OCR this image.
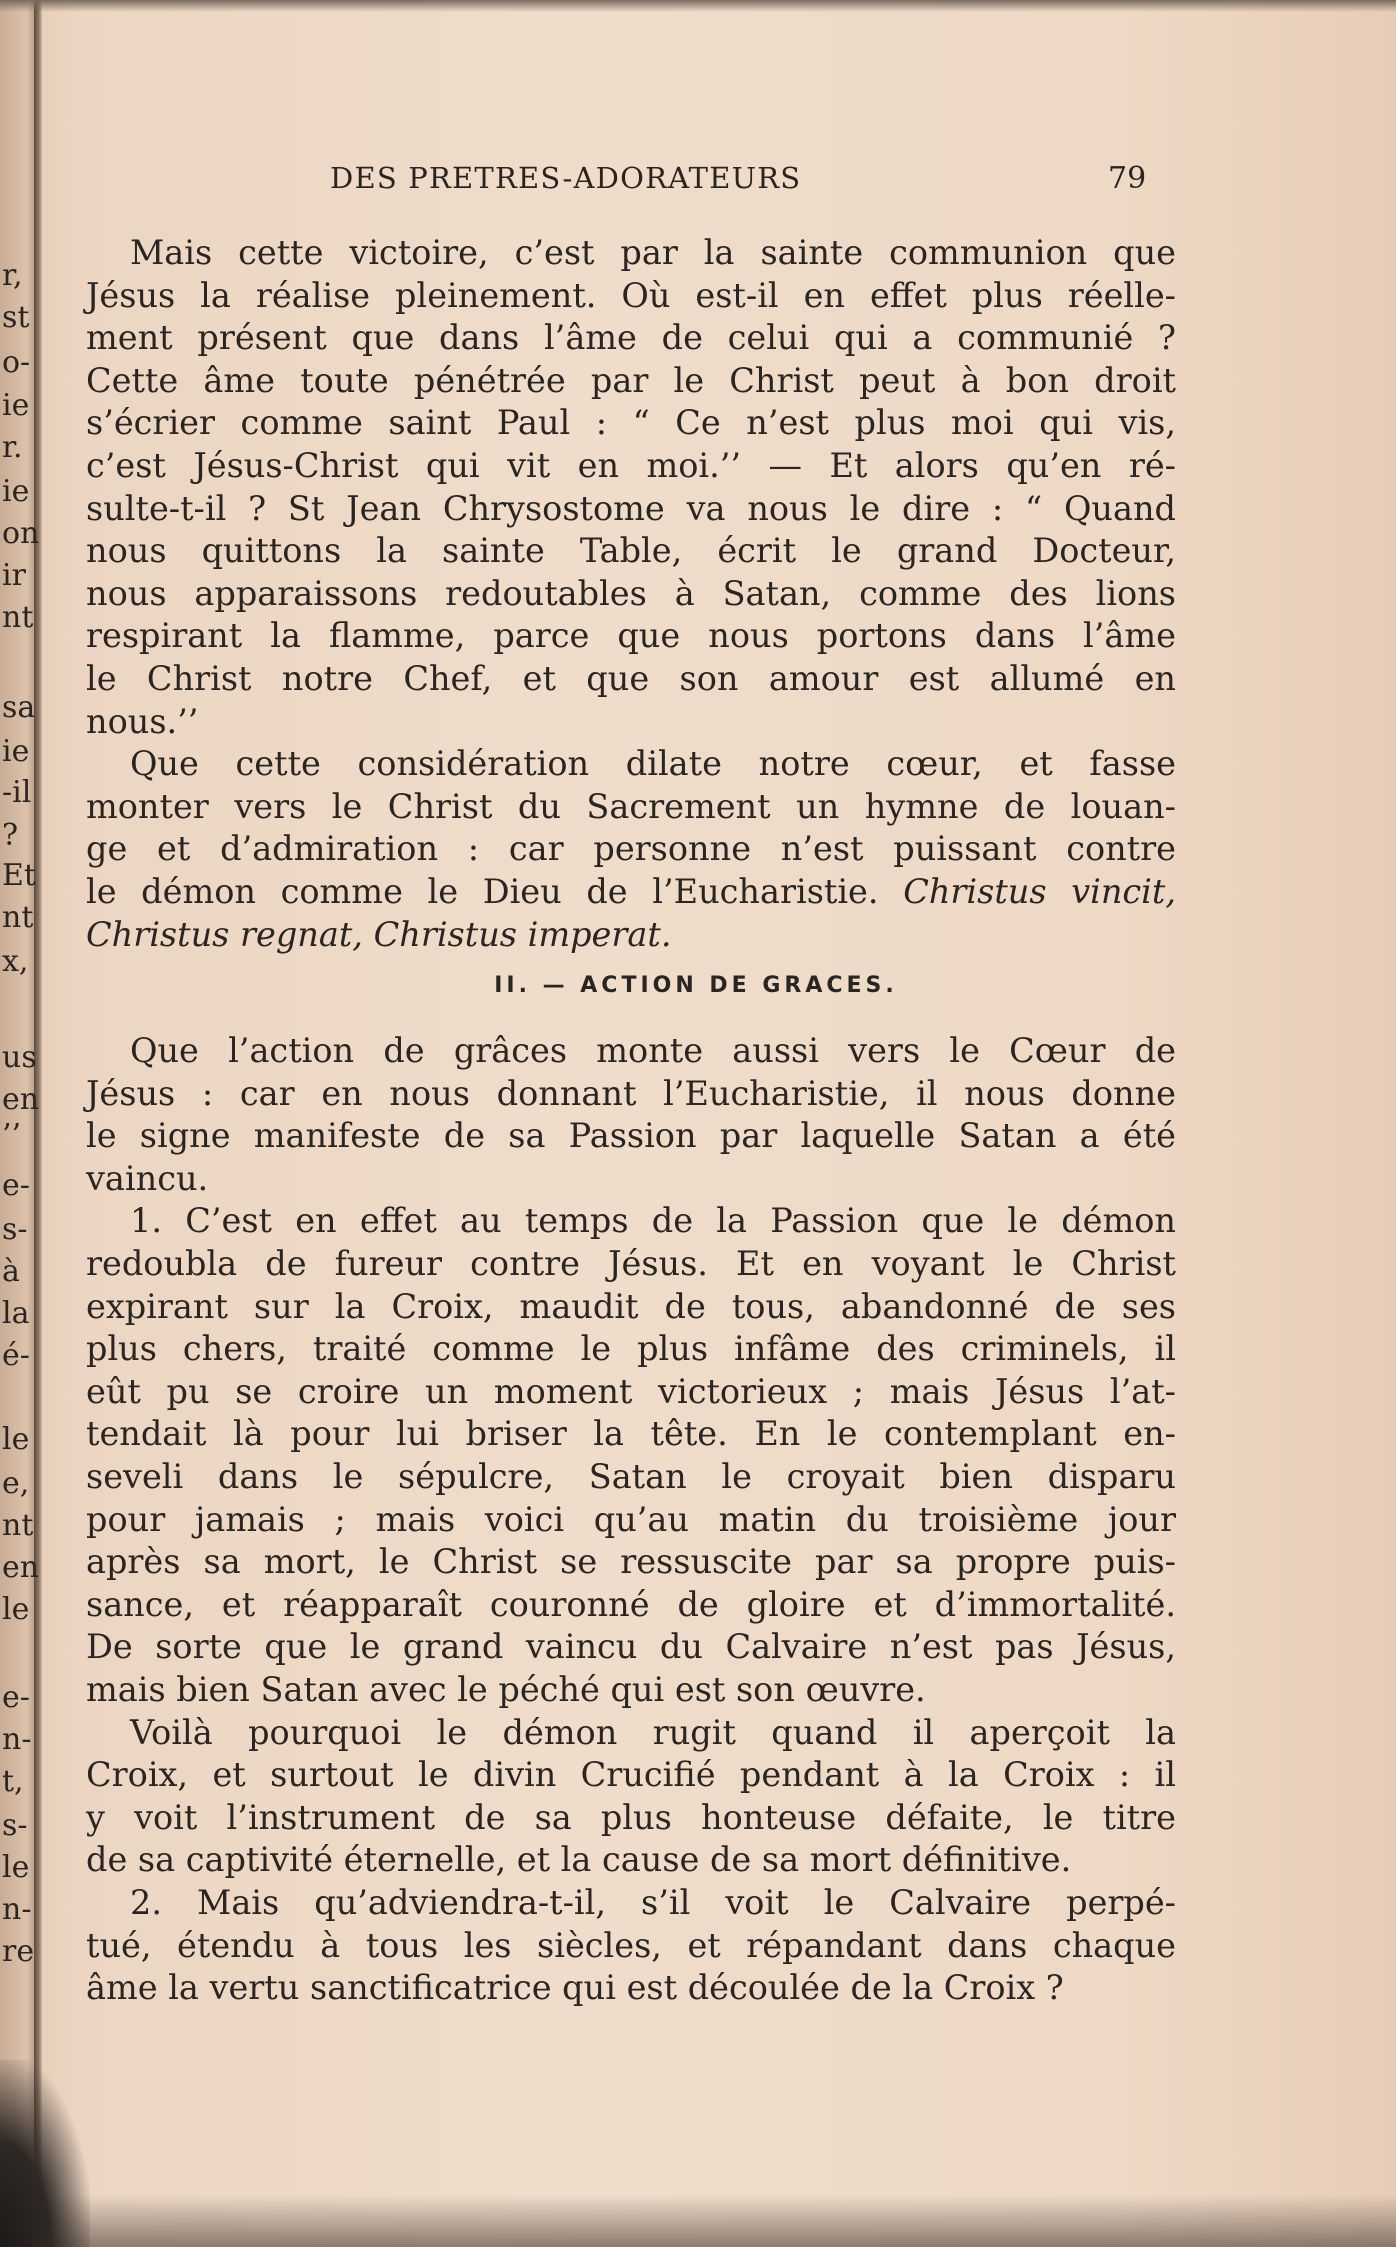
r,
st
o-
ie
r.
ie
on
ir
nt
sa
ie
-il
?
Et
nt
x,
us
en
’’
e-
s-
à
la
é-
le
e,
nt
en
le
e-
n-
t,
s-
le
n-
re
DES PRETRES-ADORATEURS	79
Mais cette victoire, c’est par la sainte communion que
Jésus la réalise pleinement. Où est-il en effet plus réelle-
ment présent que dans l’âme de celui qui a communié ?
Cette âme toute pénétrée par le Christ peut à bon droit
s’écrier comme saint Paul : “ Ce n’est plus moi qui vis,
c’est Jésus-Christ qui vit en moi.’’ — Et alors qu’en ré-
sulte-t-il ? St Jean Chrysostome va nous le dire : “ Quand
nous quittons la sainte Table, écrit le grand Docteur,
nous apparaissons redoutables à Satan, comme des lions
respirant la flamme, parce que nous portons dans l’âme
le Christ notre Chef, et que son amour est allumé en
nous.’’
Que cette considération dilate notre cœur, et fasse
monter vers le Christ du Sacrement un hymne de louan-
ge et d’admiration : car personne n’est puissant contre
le démon comme le Dieu de l’Eucharistie. Christus vincit,
Christus regnat, Christus imperat.
II. — ACTION DE GRACES.
Que l’action de grâces monte aussi vers le Cœur de
Jésus : car en nous donnant l’Eucharistie, il nous donne
le signe manifeste de sa Passion par laquelle Satan a été
vaincu.
1. C’est en effet au temps de la Passion que le démon
redoubla de fureur contre Jésus. Et en voyant le Christ
expirant sur la Croix, maudit de tous, abandonné de ses
plus chers, traité comme le plus infâme des criminels, il
eût pu se croire un moment victorieux ; mais Jésus l’at-
tendait là pour lui briser la tête. En le contemplant en-
seveli dans le sépulcre, Satan le croyait bien disparu
pour jamais ; mais voici qu’au matin du troisième jour
après sa mort, le Christ se ressuscite par sa propre puis-
sance, et réapparaît couronné de gloire et d’immortalité.
De sorte que le grand vaincu du Calvaire n’est pas Jésus,
mais bien Satan avec le péché qui est son œuvre.
Voilà pourquoi le démon rugit quand il aperçoit la
Croix, et surtout le divin Crucifié pendant à la Croix : il
y voit l’instrument de sa plus honteuse défaite, le titre
de sa captivité éternelle, et la cause de sa mort définitive.
2. Mais qu’adviendra-t-il, s’il voit le Calvaire perpé-
tué, étendu à tous les siècles, et répandant dans chaque
âme la vertu sanctificatrice qui est découlée de la Croix ?
